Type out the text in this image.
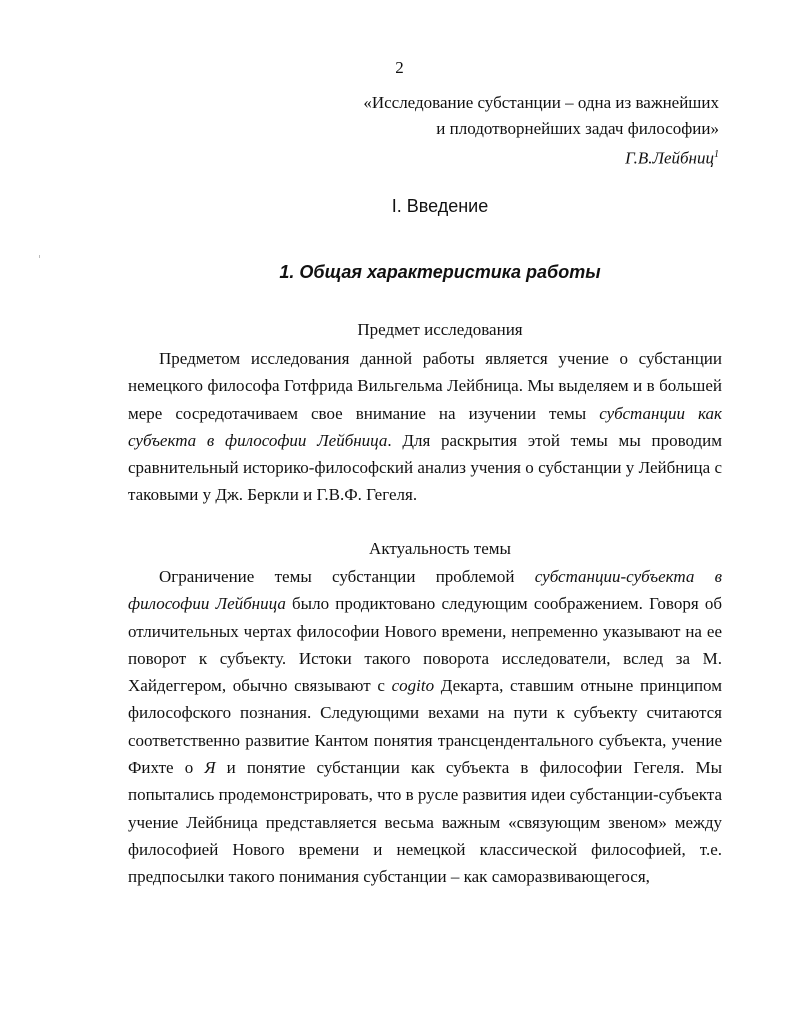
2
«Исследование субстанции – одна из важнейших
и плодотворнейших задач философии»
Г.В.Лейбниц$^1$
I. Введение
1. Общая характеристика работы
Предмет исследования

Предметом исследования данной работы является учение о субстанции немецкого философа Готфрида Вильгельма Лейбница. Мы выделяем и в большей мере сосредотачиваем свое внимание на изучении темы субстанции как субъекта в философии Лейбница. Для раскрытия этой темы мы проводим сравнительный историко-философский анализ учения о субстанции у Лейбница с таковыми у Дж. Беркли и Г.В.Ф. Гегеля.

Актуальность темы

Ограничение темы субстанции проблемой субстанции-субъекта в философии Лейбница было продиктовано следующим соображением. Говоря об отличительных чертах философии Нового времени, непременно указывают на ее поворот к субъекту. Истоки такого поворота исследователи, вслед за М. Хайдеггером, обычно связывают с cogito Декарта, ставшим отныне принципом философского познания. Следующими вехами на пути к субъекту считаются соответственно развитие Кантом понятия трансцендентального субъекта, учение Фихте о Я и понятие субстанции как субъекта в философии Гегеля. Мы попытались продемонстрировать, что в русле развития идеи субстанции-субъекта учение Лейбница представляется весьма важным «связующим звеном» между философией Нового времени и немецкой классической философией, т.е. предпосылки такого понимания субстанции – как саморазвивающегося,
